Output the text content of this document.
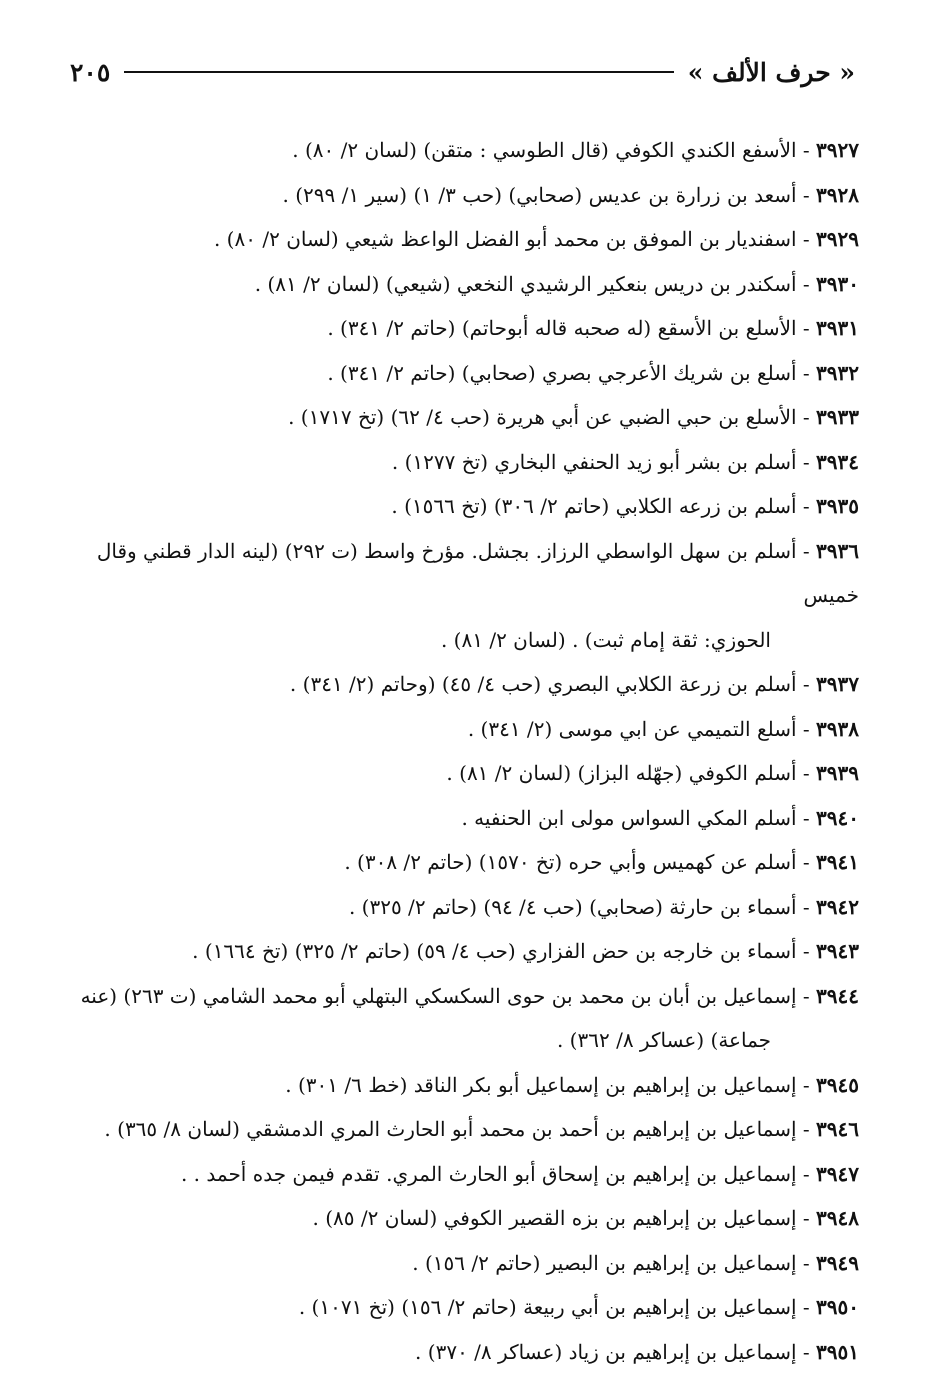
« حرف الألف »
٢٠٥
٣٩٢٧ - الأسفع الكندي الكوفي (قال الطوسي : متقن) (لسان ٢/ ٨٠) .
٣٩٢٨ - أسعد بن زرارة بن عديس (صحابي) (حب ٣/ ١) (سير ١/ ٢٩٩) .
٣٩٢٩ - اسفنديار بن الموفق بن محمد أبو الفضل الواعظ شيعي (لسان ٢/ ٨٠) .
٣٩٣٠ - أسكندر بن دريس بنعكير الرشيدي النخعي (شيعي) (لسان ٢/ ٨١) .
٣٩٣١ - الأسلع بن الأسقع (له صحبه قاله أبوحاتم) (حاتم ٢/ ٣٤١) .
٣٩٣٢ - أسلع بن شريك الأعرجي بصري (صحابي) (حاتم ٢/ ٣٤١) .
٣٩٣٣ - الأسلع بن حبي الضبي عن أبي هريرة (حب ٤/ ٦٢) (تخ ١٧١٧) .
٣٩٣٤ - أسلم بن بشر أبو زيد الحنفي البخاري (تخ ١٢٧٧) .
٣٩٣٥ - أسلم بن زرعه الكلابي (حاتم ٢/ ٣٠٦) (تخ ١٥٦٦) .
٣٩٣٦ - أسلم بن سهل الواسطي الرزاز. بجشل. مؤرخ واسط (ت ٢٩٢) (لينه الدار قطني وقال خميس
الحوزي: ثقة إمام ثبت) . (لسان ٢/ ٨١) .
٣٩٣٧ - أسلم بن زرعة الكلابي البصري (حب ٤/ ٤٥) (وحاتم (٢/ ٣٤١) .
٣٩٣٨ - أسلع التميمي عن ابي موسى (٢/ ٣٤١) .
٣٩٣٩ - أسلم الكوفي (جهّله البزاز) (لسان ٢/ ٨١) .
٣٩٤٠ - أسلم المكي السواس مولى ابن الحنفيه .
٣٩٤١ - أسلم عن كهميس وأبي حره (تخ ١٥٧٠) (حاتم ٢/ ٣٠٨) .
٣٩٤٢ - أسماء بن حارثة (صحابي) (حب ٤/ ٩٤) (حاتم ٢/ ٣٢٥) .
٣٩٤٣ - أسماء بن خارجه بن حض الفزاري (حب ٤/ ٥٩) (حاتم ٢/ ٣٢٥) (تخ ١٦٦٤) .
٣٩٤٤ - إسماعيل بن أبان بن محمد بن حوى السكسكي البتهلي أبو محمد الشامي (ت ٢٦٣) (عنه
جماعة) (عساكر ٨/ ٣٦٢) .
٣٩٤٥ - إسماعيل بن إبراهيم بن إسماعيل أبو بكر الناقد (خط ٦/ ٣٠١) .
٣٩٤٦ - إسماعيل بن إبراهيم بن أحمد بن محمد أبو الحارث المري الدمشقي (لسان ٨/ ٣٦٥) .
٣٩٤٧ - إسماعيل بن إبراهيم بن إسحاق أبو الحارث المري. تقدم فيمن جده أحمد . .
٣٩٤٨ - إسماعيل بن إبراهيم بن بزه القصير الكوفي (لسان ٢/ ٨٥) .
٣٩٤٩ - إسماعيل بن إبراهيم بن البصير (حاتم ٢/ ١٥٦) .
٣٩٥٠ - إسماعيل بن إبراهيم بن أبي ربيعة (حاتم ٢/ ١٥٦) (تخ ١٠٧١) .
٣٩٥١ - إسماعيل بن إبراهيم بن زياد (عساكر ٨/ ٣٧٠) .
